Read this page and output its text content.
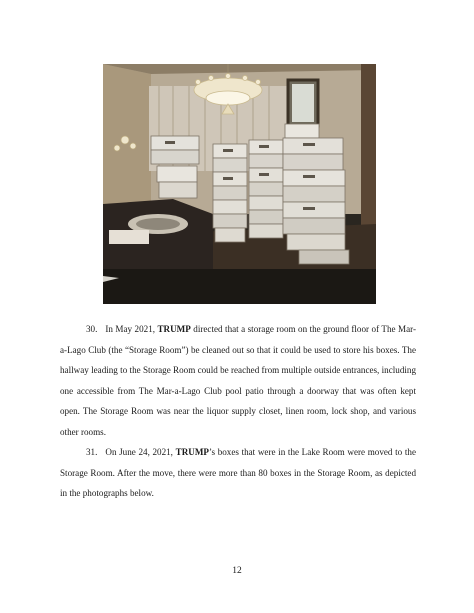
30. In May 2021, TRUMP directed that a storage room on the ground floor of The Mar-a-Lago Club (the “Storage Room”) be cleaned out so that it could be used to store his boxes. The hallway leading to the Storage Room could be reached from multiple outside entrances, including one accessible from The Mar-a-Lago Club pool patio through a doorway that was often kept open. The Storage Room was near the liquor supply closet, linen room, lock shop, and various other rooms.

31. On June 24, 2021, TRUMP’s boxes that were in the Lake Room were moved to the Storage Room. After the move, there were more than 80 boxes in the Storage Room, as depicted in the photographs below.

12
